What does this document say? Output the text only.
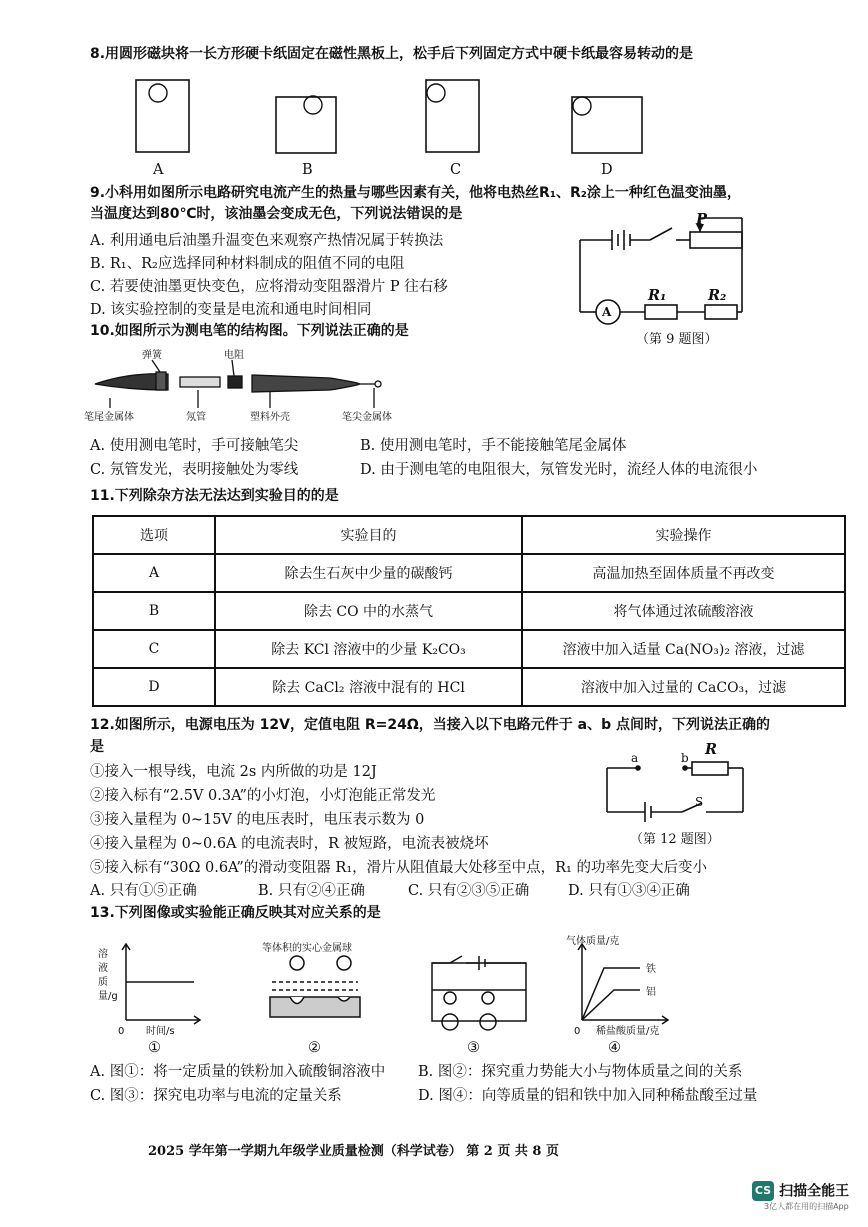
8.用圆形磁块将一长方形硬卡纸固定在磁性黑板上，松手后下列固定方式中硬卡纸最容易转动的是
A	B	C	D
9.小科用如图所示电路研究电流产生的热量与哪些因素有关，他将电热丝R₁、R₂涂上一种红色温变油墨，
当温度达到80℃时，该油墨会变成无色，下列说法错误的是
A. 利用通电后油墨升温变色来观察产热情况属于转换法
B. R₁、R₂应选择同种材料制成的阻值不同的电阻
C. 若要使油墨更快变色，应将滑动变阻器滑片 P 往右移
D. 该实验控制的变量是电流和通电时间相同
P
A
R₁	R₂
（第 9 题图）
10.如图所示为测电笔的结构图。下列说法正确的是
弹簧	电阻
笔尾金属体	氖管	塑料外壳	笔尖金属体
A. 使用测电笔时，手可接触笔尖	B. 使用测电笔时，手不能接触笔尾金属体
C. 氖管发光，表明接触处为零线	D. 由于测电笔的电阻很大，氖管发光时，流经人体的电流很小
11.下列除杂方法无法达到实验目的的是
选项	实验目的	实验操作
A	除去生石灰中少量的碳酸钙	高温加热至固体质量不再改变
B	除去 CO 中的水蒸气	将气体通过浓硫酸溶液
C	除去 KCl 溶液中的少量 K₂CO₃	溶液中加入适量 Ca(NO₃)₂ 溶液，过滤
D	除去 CaCl₂ 溶液中混有的 HCl	溶液中加入过量的 CaCO₃，过滤
12.如图所示，电源电压为 12V，定值电阻 R=24Ω，当接入以下电路元件于 a、b 点间时，下列说法正确的
是
①接入一根导线，电流 2s 内所做的功是 12J
②接入标有“2.5V 0.3A”的小灯泡，小灯泡能正常发光
③接入量程为 0~15V 的电压表时，电压表示数为 0
④接入量程为 0~0.6A 的电流表时，R 被短路，电流表被烧坏
⑤接入标有“30Ω 0.6A”的滑动变阻器 R₁，滑片从阻值最大处移至中点，R₁ 的功率先变大后变小
A. 只有①⑤正确	B. 只有②④正确	C. 只有②③⑤正确	D. 只有①③④正确
a	b R
S
（第 12 题图）
13.下列图像或实验能正确反映其对应关系的是
溶液质量/g
时间/s
0
①
等体积的实心金属球
②	③
气体质量/克
稀盐酸质量/克
0
铁
铝
④
A. 图①：将一定质量的铁粉加入硫酸铜溶液中 B. 图②：探究重力势能大小与物体质量之间的关系
C. 图③：探究电功率与电流的定量关系	D. 图④：向等质量的铝和铁中加入同种稀盐酸至过量
2025 学年第一学期九年级学业质量检测（科学试卷） 第 2 页 共 8 页
CS 扫描全能王
3亿人都在用的扫描App
